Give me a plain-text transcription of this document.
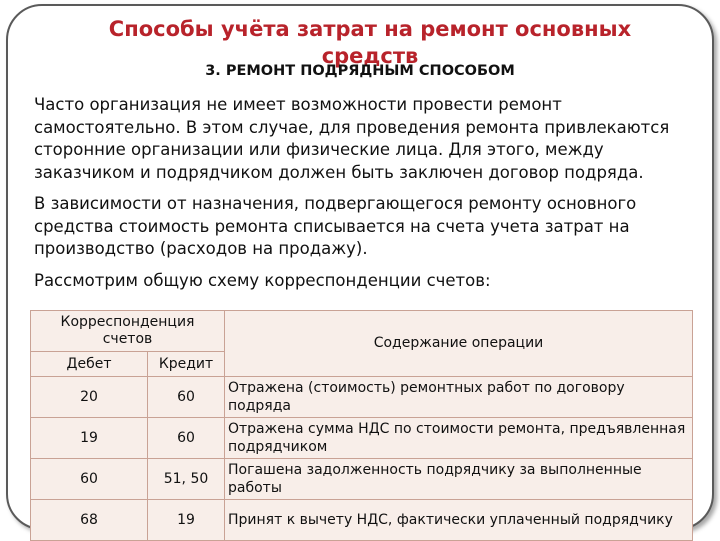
Способы учёта затрат на ремонт основных средств
3. РЕМОНТ ПОДРЯДНЫМ СПОСОБОМ

Часто организация не имеет возможности провести ремонт самостоятельно. В этом случае, для проведения ремонта привлекаются сторонние организации или физические лица. Для этого, между заказчиком и подрядчиком должен быть заключен договор подряда.

В зависимости от назначения, подвергающегося ремонту основного средства стоимость ремонта списывается на счета учета затрат на производство (расходов на продажу).

Рассмотрим общую схему корреспонденции счетов:

Корреспонденция счетов		Содержание операции
Дебет	Кредит	
20	60	Отражена (стоимость) ремонтных работ по договору подряда
19	60	Отражена сумма НДС по стоимости ремонта, предъявленная подрядчиком
60	51, 50	Погашена задолженность подрядчику за выполненные работы
68	19	Принят к вычету НДС, фактически уплаченный подрядчику
